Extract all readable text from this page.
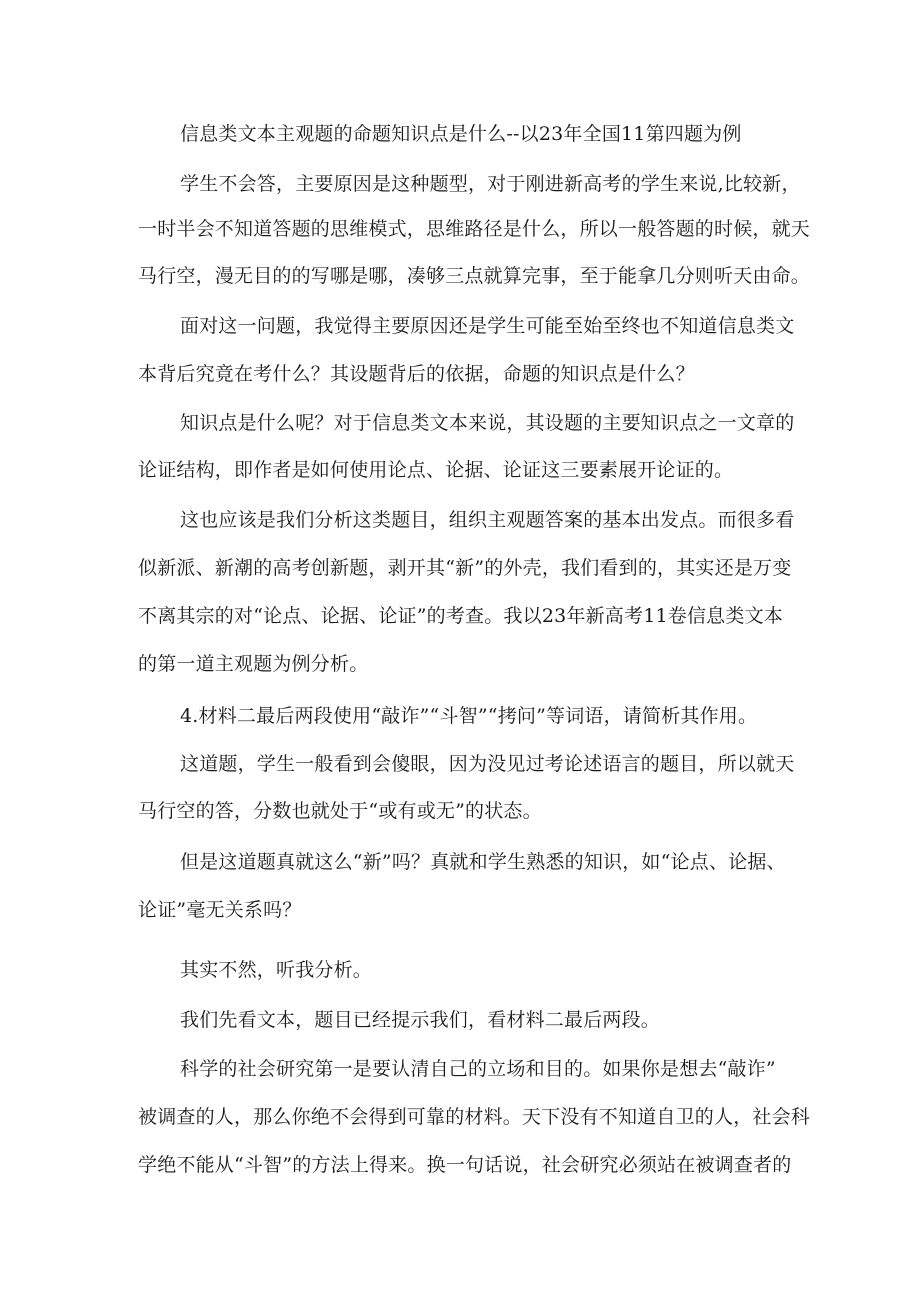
信息类文本主观题的命题知识点是什么--以23年全国11第四题为例
学生不会答，主要原因是这种题型，对于刚进新高考的学生来说,比较新，
一时半会不知道答题的思维模式，思维路径是什么，所以一般答题的时候，就天
马行空，漫无目的的写哪是哪，凑够三点就算完事，至于能拿几分则听天由命。
面对这一问题，我觉得主要原因还是学生可能至始至终也不知道信息类文
本背后究竟在考什么？其设题背后的依据，命题的知识点是什么？
知识点是什么呢？对于信息类文本来说，其设题的主要知识点之一文章的
论证结构，即作者是如何使用论点、论据、论证这三要素展开论证的。
这也应该是我们分析这类题目，组织主观题答案的基本出发点。而很多看
似新派、新潮的高考创新题，剥开其“新”的外壳，我们看到的，其实还是万变
不离其宗的对“论点、论据、论证”的考查。我以23年新高考11卷信息类文本
的第一道主观题为例分析。
4.材料二最后两段使用“敲诈”“斗智”“拷问”等词语，请简析其作用。
这道题，学生一般看到会傻眼，因为没见过考论述语言的题目，所以就天
马行空的答，分数也就处于“或有或无”的状态。
但是这道题真就这么“新”吗？真就和学生熟悉的知识，如“论点、论据、
论证”毫无关系吗？
其实不然，听我分析。
我们先看文本，题目已经提示我们，看材料二最后两段。
科学的社会研究第一是要认清自己的立场和目的。如果你是想去“敲诈”
被调查的人，那么你绝不会得到可靠的材料。天下没有不知道自卫的人，社会科
学绝不能从“斗智”的方法上得来。换一句话说，社会研究必须站在被调查者的
